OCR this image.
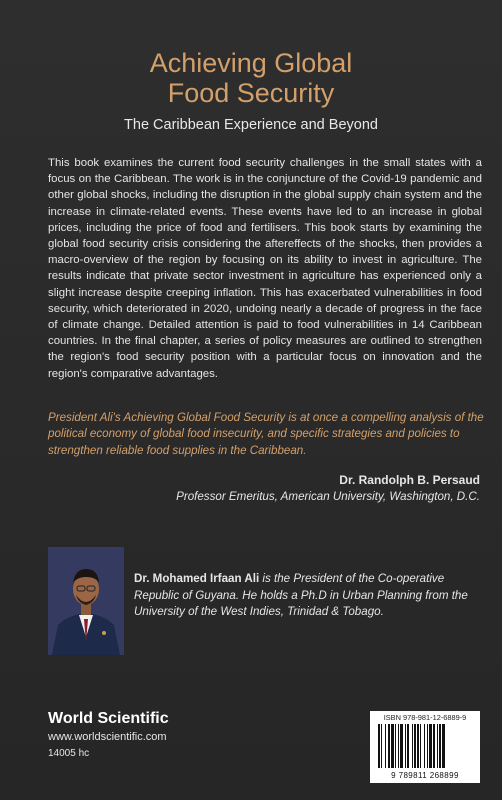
Achieving Global
Food Security
The Caribbean Experience and Beyond

This book examines the current food security challenges in the small states with a focus on the Caribbean. The work is in the conjuncture of the Covid-19 pandemic and other global shocks, including the disruption in the global supply chain system and the increase in climate-related events. These events have led to an increase in global prices, including the price of food and fertilisers. This book starts by examining the global food security crisis considering the aftereffects of the shocks, then provides a macro-overview of the region by focusing on its ability to invest in agriculture. The results indicate that private sector investment in agriculture has experienced only a slight increase despite creeping inflation. This has exacerbated vulnerabilities in food security, which deteriorated in 2020, undoing nearly a decade of progress in the face of climate change. Detailed attention is paid to food vulnerabilities in 14 Caribbean countries. In the final chapter, a series of policy measures are outlined to strengthen the region's food security position with a particular focus on innovation and the region's comparative advantages.

President Ali's Achieving Global Food Security is at once a compelling analysis of the political economy of global food insecurity, and specific strategies and policies to strengthen reliable food supplies in the Caribbean.

Dr. Randolph B. Persaud
Professor Emeritus, American University, Washington, D.C.

Dr. Mohamed Irfaan Ali is the President of the Co-operative Republic of Guyana. He holds a Ph.D in Urban Planning from the University of the West Indies, Trinidad & Tobago.

World Scientific
www.worldscientific.com
14005 hc
ISBN 978-981-12-6889-9
9 789811 268899
